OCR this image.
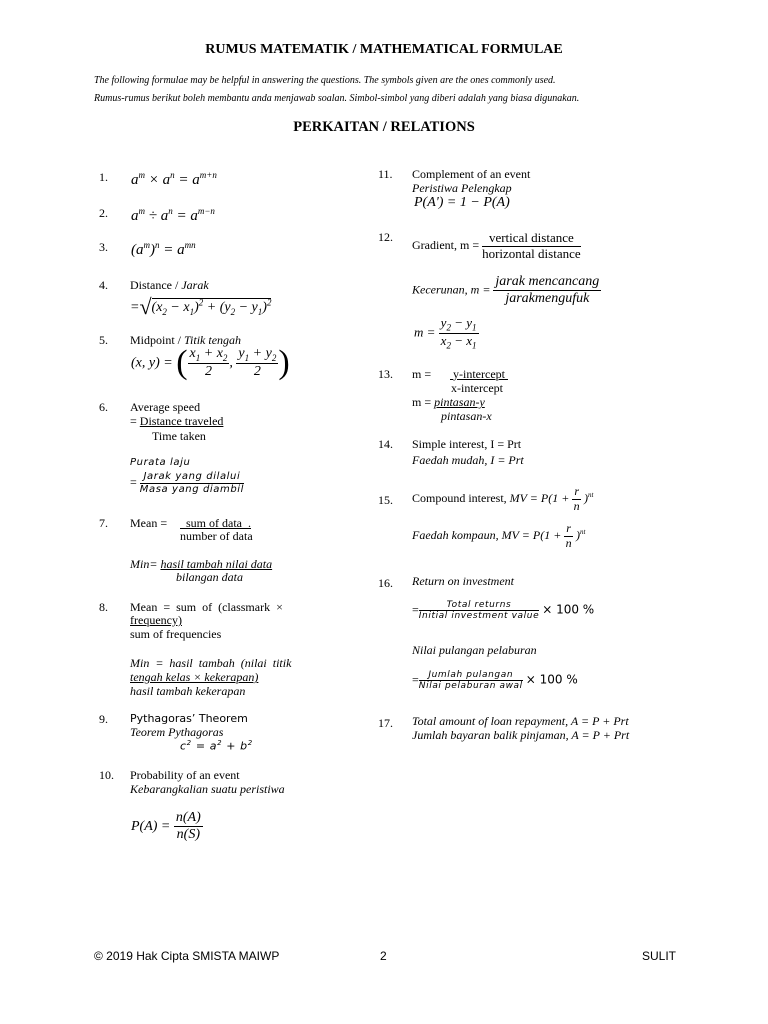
RUMUS MATEMATIK / MATHEMATICAL FORMULAE
The following formulae may be helpful in answering the questions. The symbols given are the ones commonly used.
Rumus-rumus berikut boleh membantu anda menjawab soalan. Simbol-simbol yang diberi adalah yang biasa digunakan.
PERKAITAN / RELATIONS
1. $a^m \times a^n = a^{m+n}$
2. $a^m \div a^n = a^{m-n}$
3. $(a^m)^n = a^{mn}$
4. Distance / Jarak
$=√(x_2 - x_1)^2 + (y_2 - y_1)^2$
5. Midpoint / Titik tengah
(x, y) = ( $\frac{x_1 + x_2}{2}$ , $\frac{y_1 + y_2}{2}$ )
6. Average speed
= Distance traveled
Time taken
Purata laju
= $\frac{\text{Jarak yang dilalui}}{\text{Masa yang diambil}}$
7. Mean = sum of data  .
number of data
Min= hasil tambah nilai data
bilangan data
8. Mean  =  sum  of  (classmark  ×
frequency)
sum of frequencies
Min  =  hasil  tambah  (nilai  titik
tengah kelas × kekerapan)
hasil tambah kekerapan
9. Pythagoras’ Theorem
Teorem Pythagoras
$c^2 = a^2 + b^2$
10. Probability of an event
Kebarangkalian suatu peristiwa
$P(A) = \frac{n(A)}{n(S)}$
11. Complement of an event
Peristiwa Pelengkap
P(A') = 1 − P(A)
12.
Gradient, $m = \frac{\text{vertical distance}}{\text{horizontal distance}}$
Kecerunan, $m = \frac{\text{jarak mencancang}}{\text{jarakmengufuk}}$
$m = \frac{y_2 - y_1}{x_2 - x_1}$
13. m = y-intercept
x-intercept
m = pintasan-y
pintasan-x
14. Simple interest, I = Prt
Faedah mudah, I = Prt
15. Compound interest, MV = $P(1 + \frac{r}{n} )^{nt}$
Faedah kompaun, MV = $P(1 + \frac{r}{n} )^{nt}$
16. Return on investment
= $\frac{\text{Total returns}}{\text{Initial investment value}} \times 100$ %
Nilai pulangan pelaburan
= $\frac{\text{Jumlah pulangan}}{\text{Nilai pelaburan awal}} \times 100$ %
17. Total amount of loan repayment, A = P + Prt
Jumlah bayaran balik pinjaman, A = P + Prt
© 2019 Hak Cipta SMISTA MAIWP	2	SULIT
